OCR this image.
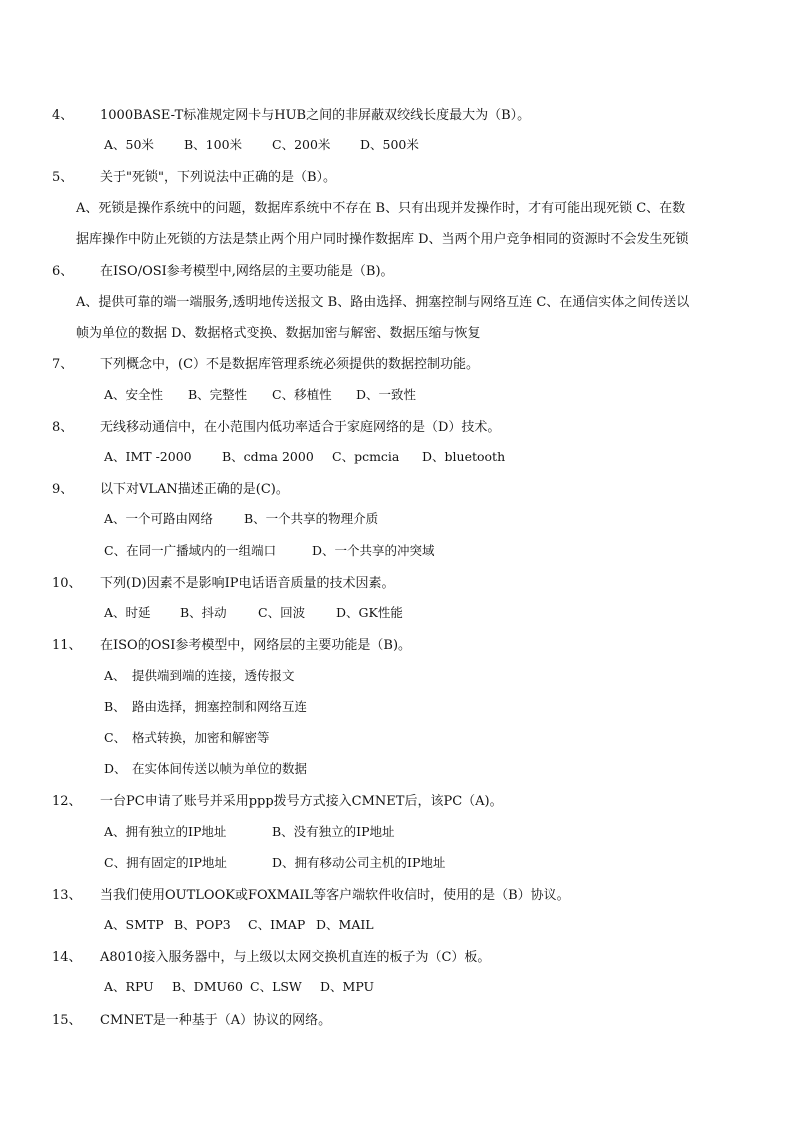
4、 1000BASE-T标准规定网卡与HUB之间的非屏蔽双绞线长度最大为（B）。
A、50米 B、100米 C、200米 D、500米
5、 关于"死锁"，下列说法中正确的是（B）。
A、死锁是操作系统中的问题，数据库系统中不存在 B、只有出现并发操作时，才有可能出现死锁 C、在数
据库操作中防止死锁的方法是禁止两个用户同时操作数据库 D、当两个用户竞争相同的资源时不会发生死锁
6、 在ISO/OSI参考模型中,网络层的主要功能是（B)。
A、提供可靠的端一端服务,透明地传送报文 B、路由选择、拥塞控制与网络互连 C、在通信实体之间传送以
帧为单位的数据 D、数据格式变换、数据加密与解密、数据压缩与恢复
7、 下列概念中，(C）不是数据库管理系统必须提供的数据控制功能。
A、安全性 B、完整性 C、移植性 D、一致性
8、 无线移动通信中，在小范围内低功率适合于家庭网络的是（D）技术。
A、IMT -2000 B、cdma 2000 C、pcmcia D、bluetooth
9、 以下对VLAN描述正确的是(C)。
A、一个可路由网络 B、一个共享的物理介质
C、在同一广播域内的一组端口	D、一个共享的冲突域
10、 下列(D)因素不是影响IP电话语音质量的技术因素。
A、时延 B、抖动	C、回波 D、GK性能
11、 在ISO的OSI参考模型中，网络层的主要功能是（B)。
A、 提供端到端的连接，透传报文
B、 路由选择，拥塞控制和网络互连
C、 格式转换，加密和解密等
D、 在实体间传送以帧为单位的数据
12、 一台PC申请了账号并采用ppp拨号方式接入CMNET后，该PC（A)。
A、拥有独立的IP地址	B、没有独立的IP地址
C、拥有固定的IP地址	D、拥有移动公司主机的IP地址
13、 当我们使用OUTLOOK或FOXMAIL等客户端软件收信时，使用的是（B）协议。
A、SMTP B、POP3 C、IMAP D、MAIL
14、 A8010接入服务器中，与上级以太网交换机直连的板子为（C）板。
A、RPU B、DMU60 C、LSW D、MPU
15、 CMNET是一种基于（A）协议的网络。
